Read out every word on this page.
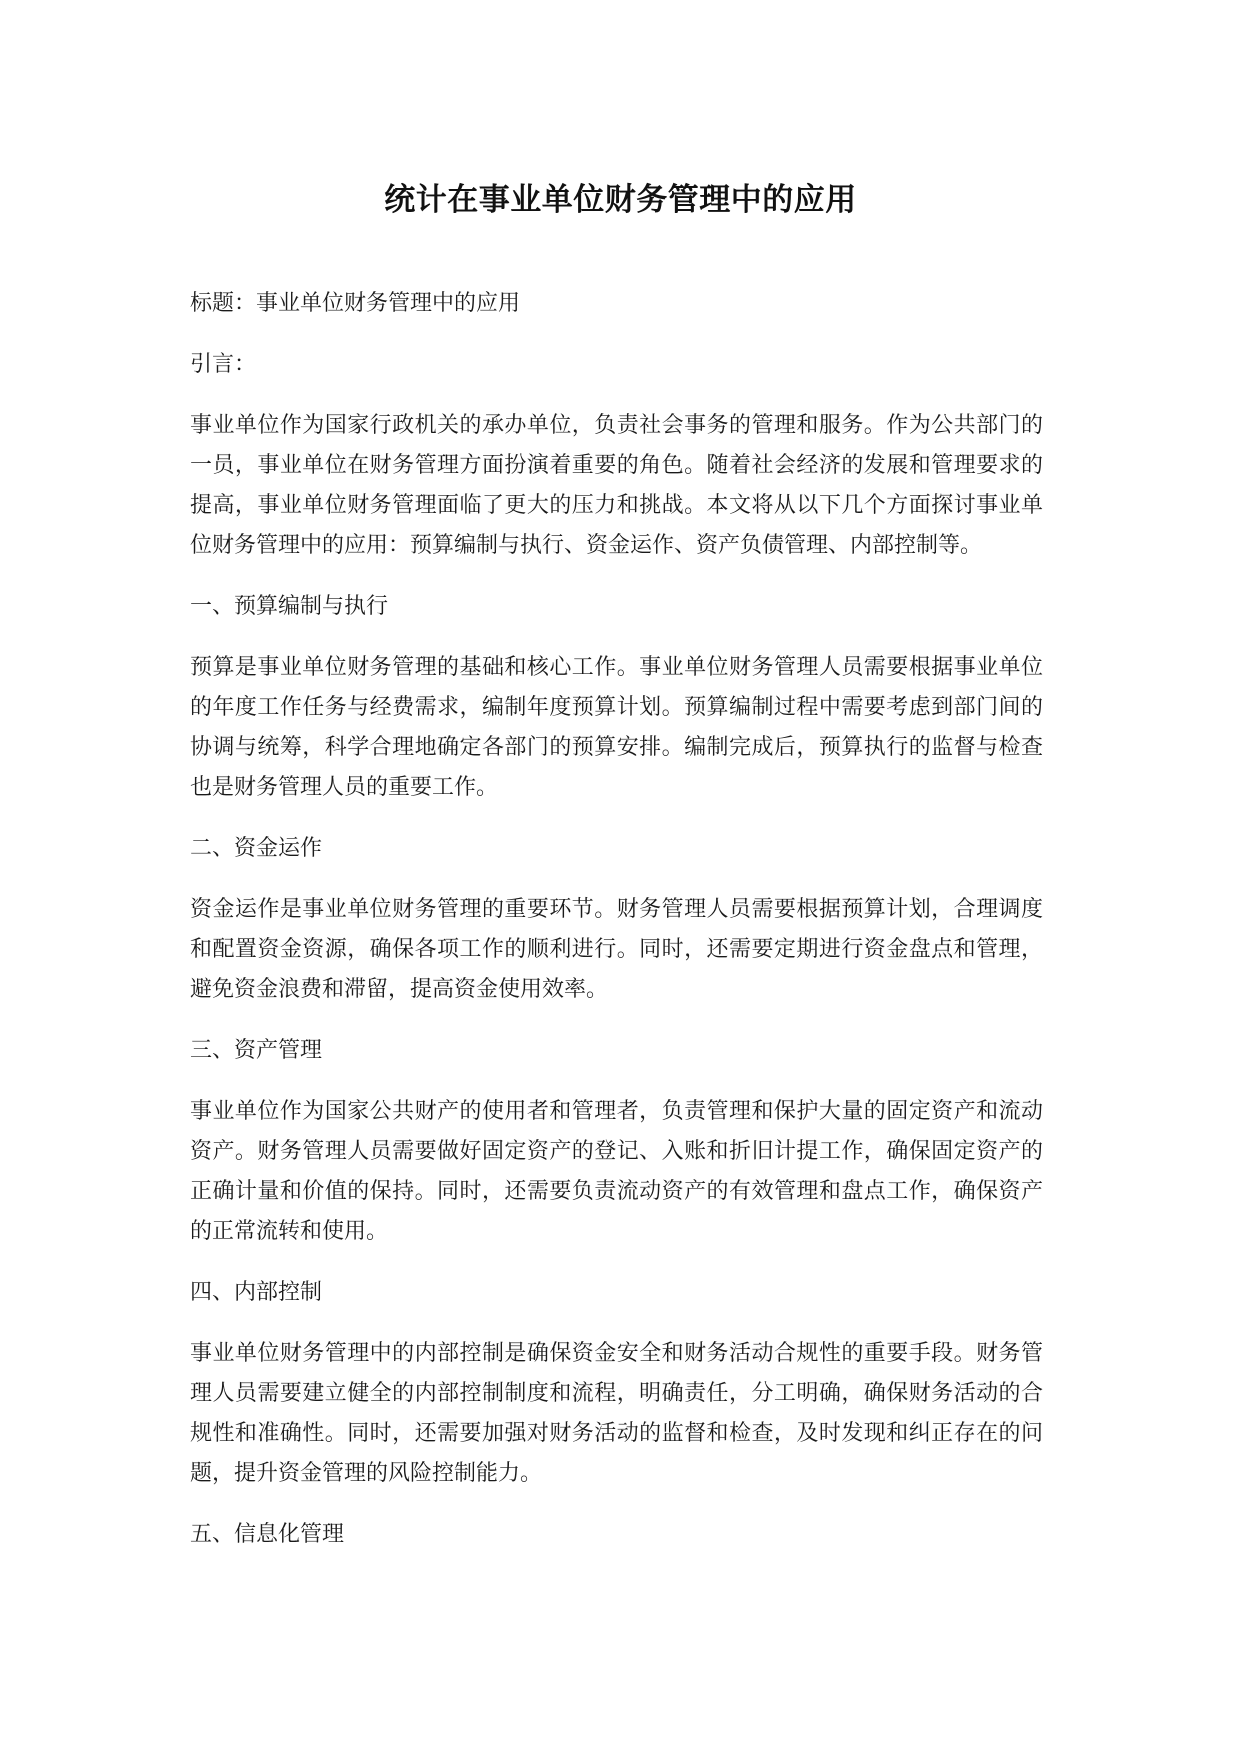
统计在事业单位财务管理中的应用

标题：事业单位财务管理中的应用

引言：

事业单位作为国家行政机关的承办单位，负责社会事务的管理和服务。作为公共部门的一员，事业单位在财务管理方面扮演着重要的角色。随着社会经济的发展和管理要求的提高，事业单位财务管理面临了更大的压力和挑战。本文将从以下几个方面探讨事业单位财务管理中的应用：预算编制与执行、资金运作、资产负债管理、内部控制等。

一、预算编制与执行

预算是事业单位财务管理的基础和核心工作。事业单位财务管理人员需要根据事业单位的年度工作任务与经费需求，编制年度预算计划。预算编制过程中需要考虑到部门间的协调与统筹，科学合理地确定各部门的预算安排。编制完成后，预算执行的监督与检查也是财务管理人员的重要工作。

二、资金运作

资金运作是事业单位财务管理的重要环节。财务管理人员需要根据预算计划，合理调度和配置资金资源，确保各项工作的顺利进行。同时，还需要定期进行资金盘点和管理，避免资金浪费和滞留，提高资金使用效率。

三、资产管理

事业单位作为国家公共财产的使用者和管理者，负责管理和保护大量的固定资产和流动资产。财务管理人员需要做好固定资产的登记、入账和折旧计提工作，确保固定资产的正确计量和价值的保持。同时，还需要负责流动资产的有效管理和盘点工作，确保资产的正常流转和使用。

四、内部控制

事业单位财务管理中的内部控制是确保资金安全和财务活动合规性的重要手段。财务管理人员需要建立健全的内部控制制度和流程，明确责任，分工明确，确保财务活动的合规性和准确性。同时，还需要加强对财务活动的监督和检查，及时发现和纠正存在的问题，提升资金管理的风险控制能力。

五、信息化管理
